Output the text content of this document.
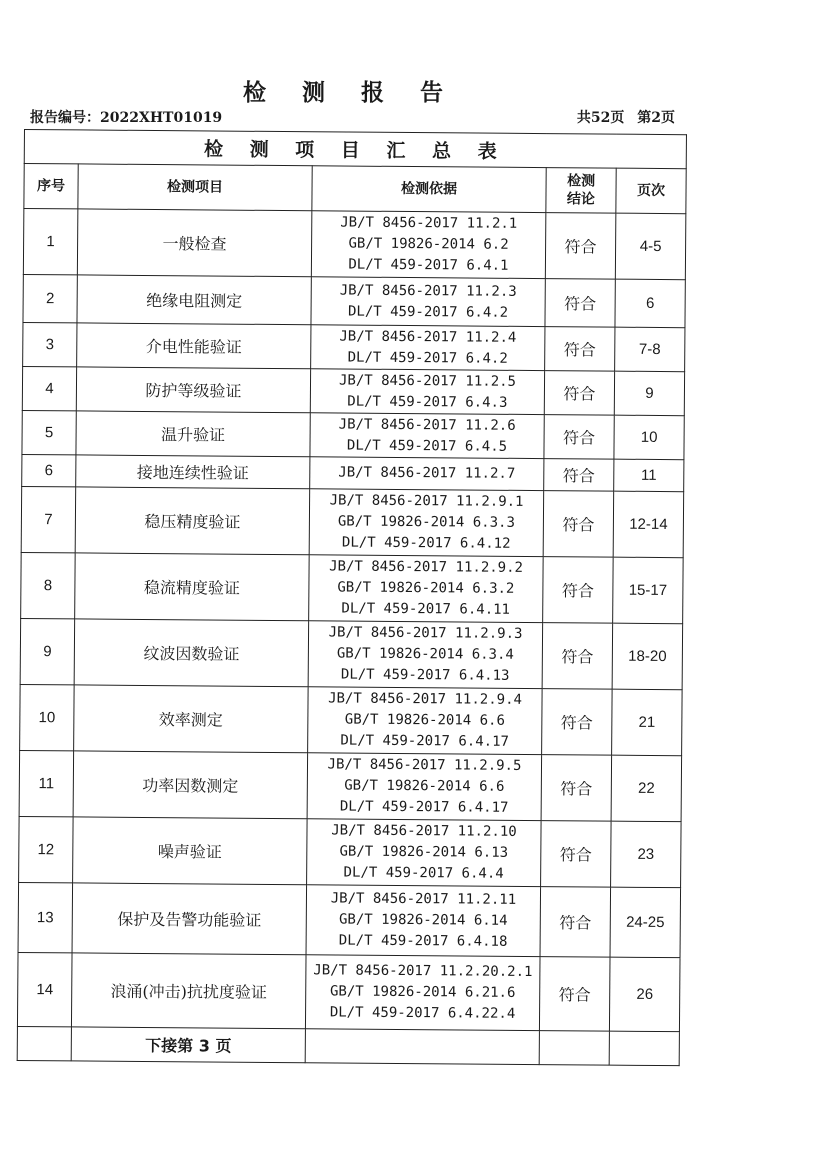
检 测 报 告
报告编号：2022XHT01019	共52页 第2页
检 测 项 目 汇 总 表				
序号	检测项目	检测依据	检测
结论	页次
1	一般检查	JB/T 8456-2017 11.2.1
GB/T 19826-2014 6.2
DL/T 459-2017 6.4.1	符合	4-5
2	绝缘电阻测定	JB/T 8456-2017 11.2.3
DL/T 459-2017 6.4.2	符合	6
3	介电性能验证	JB/T 8456-2017 11.2.4
DL/T 459-2017 6.4.2	符合	7-8
4	防护等级验证	JB/T 8456-2017 11.2.5
DL/T 459-2017 6.4.3	符合	9
5	温升验证	JB/T 8456-2017 11.2.6
DL/T 459-2017 6.4.5	符合	10
6	接地连续性验证	JB/T 8456-2017 11.2.7	符合	11
7	稳压精度验证	JB/T 8456-2017 11.2.9.1
GB/T 19826-2014 6.3.3
DL/T 459-2017 6.4.12	符合	12-14
8	稳流精度验证	JB/T 8456-2017 11.2.9.2
GB/T 19826-2014 6.3.2
DL/T 459-2017 6.4.11	符合	15-17
9	纹波因数验证	JB/T 8456-2017 11.2.9.3
GB/T 19826-2014 6.3.4
DL/T 459-2017 6.4.13	符合	18-20
10	效率测定	JB/T 8456-2017 11.2.9.4
GB/T 19826-2014 6.6
DL/T 459-2017 6.4.17	符合	21
11	功率因数测定	JB/T 8456-2017 11.2.9.5
GB/T 19826-2014 6.6
DL/T 459-2017 6.4.17	符合	22
12	噪声验证	JB/T 8456-2017 11.2.10
GB/T 19826-2014 6.13
DL/T 459-2017 6.4.4	符合	23
13	保护及告警功能验证	JB/T 8456-2017 11.2.11
GB/T 19826-2014 6.14
DL/T 459-2017 6.4.18	符合	24-25
14	浪涌(冲击)抗扰度验证	JB/T 8456-2017 11.2.20.2.1
GB/T 19826-2014 6.21.6
DL/T 459-2017 6.4.22.4	符合	26
	下接第 3 页			
